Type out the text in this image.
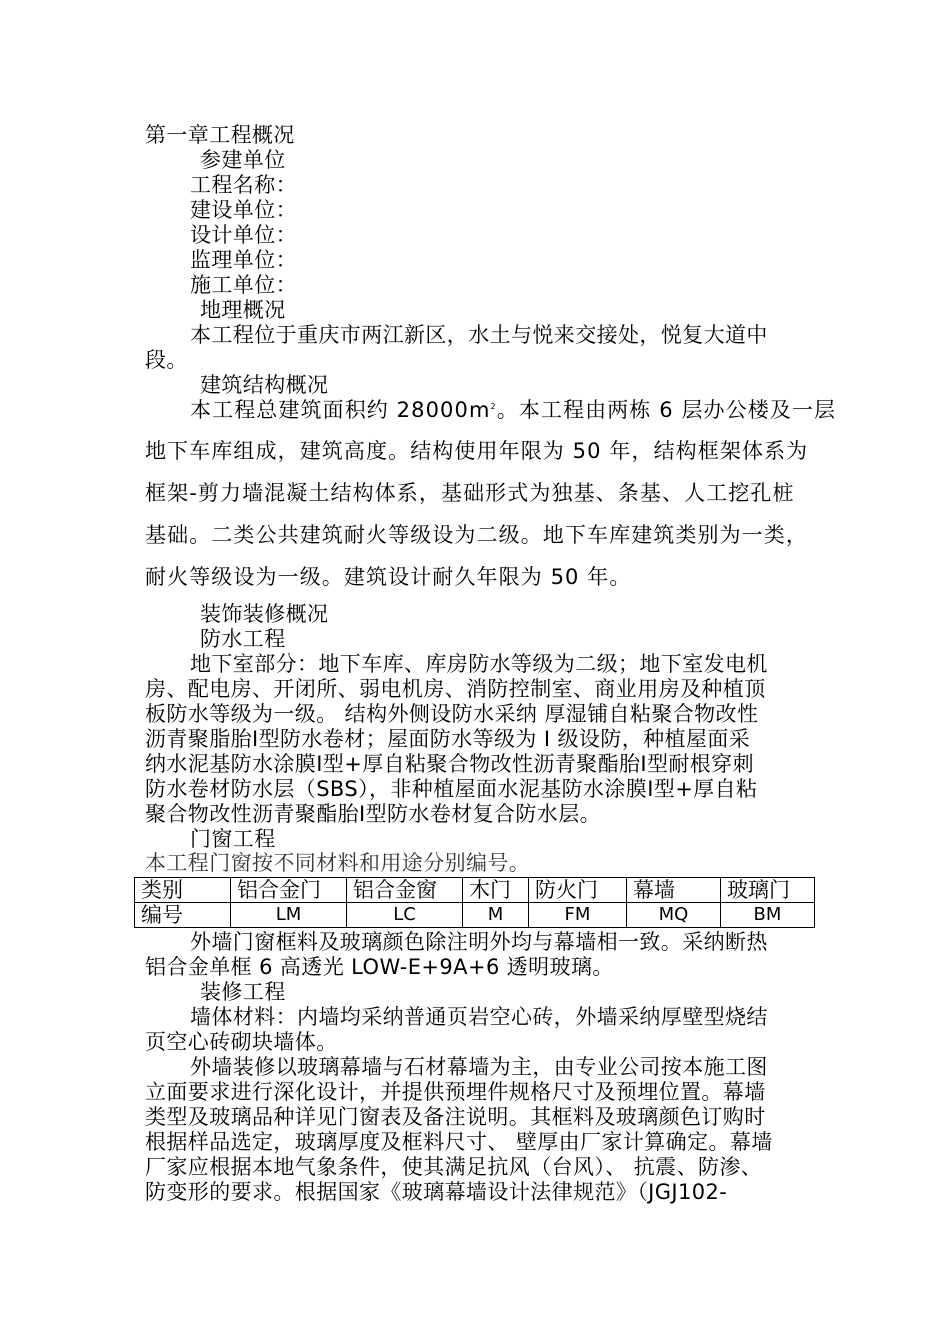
第一章工程概况
参建单位
工程名称：
建设单位：
设计单位：
监理单位：
施工单位：
地理概况
本工程位于重庆市两江新区，水土与悦来交接处，悦复大道中
段。
建筑结构概况
本工程总建筑面积约 $28000m^2$。本工程由两栋 6 层办公楼及一层
地下车库组成，建筑高度。结构使用年限为 50 年，结构框架体系为
框架-剪力墙混凝土结构体系，基础形式为独基、条基、人工挖孔桩
基础。二类公共建筑耐火等级设为二级。地下车库建筑类别为一类，
耐火等级设为一级。建筑设计耐久年限为 50 年。
装饰装修概况
防水工程
地下室部分：地下车库、库房防水等级为二级；地下室发电机
房、配电房、开闭所、弱电机房、消防控制室、商业用房及种植顶
板防水等级为一级。 结构外侧设防水采纳 厚湿铺自粘聚合物改性
沥青聚脂胎Ⅰ型防水卷材；屋面防水等级为 Ⅰ 级设防，种植屋面采
纳水泥基防水涂膜Ⅰ型+厚自粘聚合物改性沥青聚酯胎Ⅰ型耐根穿刺
防水卷材防水层（SBS），非种植屋面水泥基防水涂膜Ⅰ型+厚自粘
聚合物改性沥青聚酯胎Ⅰ型防水卷材复合防水层。
门窗工程
本工程门窗按不同材料和用途分别编号。
类别	铝合金门	铝合金窗	木门	防火门	幕墙	玻璃门
编号	LM	LC	M	FM	MQ	BM
外墙门窗框料及玻璃颜色除注明外均与幕墙相一致。采纳断热
铝合金单框 6 高透光 LOW-E+9A+6 透明玻璃。
装修工程
墙体材料：内墙均采纳普通页岩空心砖，外墙采纳厚壁型烧结
页空心砖砌块墙体。
外墙装修以玻璃幕墙与石材幕墙为主，由专业公司按本施工图
立面要求进行深化设计，并提供预埋件规格尺寸及预埋位置。幕墙
类型及玻璃品种详见门窗表及备注说明。其框料及玻璃颜色订购时
根据样品选定，玻璃厚度及框料尺寸、 壁厚由厂家计算确定。幕墙
厂家应根据本地气象条件，使其满足抗风（台风）、 抗震、防渗、
防变形的要求。根据国家《玻璃幕墙设计法律规范》（JGJ102-
